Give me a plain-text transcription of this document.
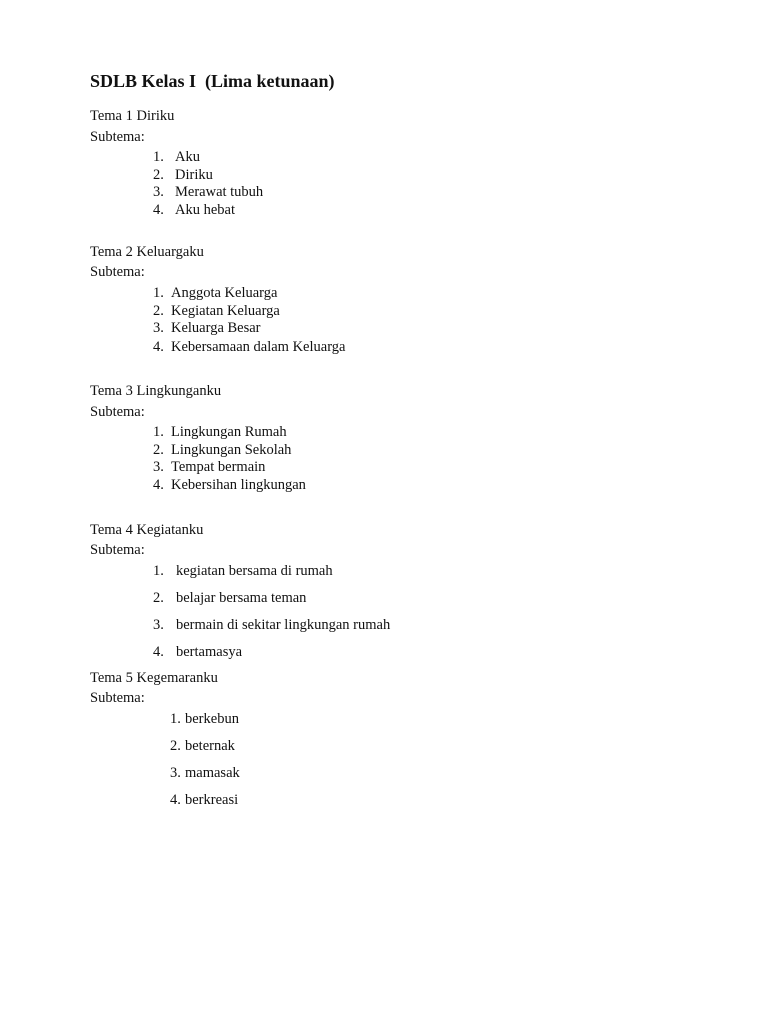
SDLB Kelas I  (Lima ketunaan)

Tema 1 Diriku

Subtema:

1. Aku
2. Diriku
3. Merawat tubuh
4. Aku hebat

Tema 2 Keluargaku

Subtema:

1. Anggota Keluarga
2. Kegiatan Keluarga
3. Keluarga Besar
4. Kebersamaan dalam Keluarga

Tema 3 Lingkunganku

Subtema:

1. Lingkungan Rumah
2. Lingkungan Sekolah
3. Tempat bermain
4. Kebersihan lingkungan

Tema 4 Kegiatanku

Subtema:

1. kegiatan bersama di rumah
2. belajar bersama teman
3. bermain di sekitar lingkungan rumah
4. bertamasya

Tema 5 Kegemaranku

Subtema:

1. berkebun
2. beternak
3. mamasak
4. berkreasi
